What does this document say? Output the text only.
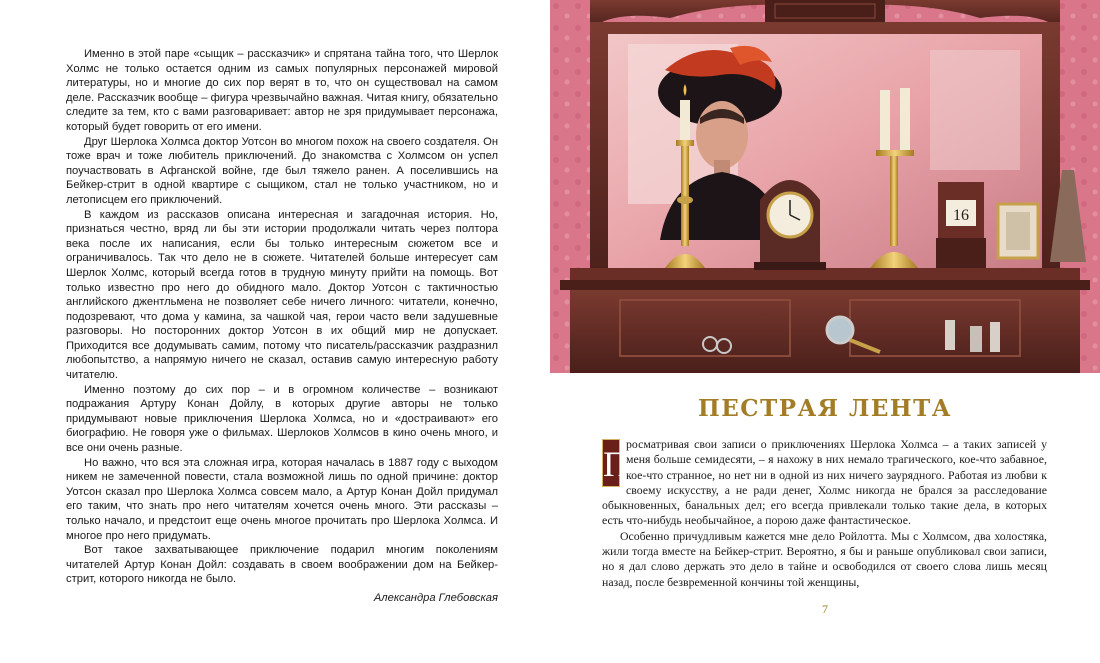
Именно в этой паре «сыщик – рассказчик» и спрятана тайна того, что Шерлок Холмс не только остается одним из самых популярных персонажей мировой литературы, но и многие до сих пор верят в то, что он существовал на самом деле. Рассказчик вообще – фигура чрезвычайно важная. Читая книгу, обязательно следите за тем, кто с вами разговаривает: автор не зря придумывает персонажа, который будет говорить от его имени.

Друг Шерлока Холмса доктор Уотсон во многом похож на своего создателя. Он тоже врач и тоже любитель приключений. До знакомства с Холмсом он успел поучаствовать в Афганской войне, где был тяжело ранен. А поселившись на Бейкер-стрит в одной квартире с сыщиком, стал не только участником, но и летописцем его приключений.

В каждом из рассказов описана интересная и загадочная история. Но, признаться честно, вряд ли бы эти истории продолжали читать через полтора века после их написания, если бы только интересным сюжетом все и ограничивалось. Так что дело не в сюжете. Читателей больше интересует сам Шерлок Холмс, который всегда готов в трудную минуту прийти на помощь. Вот только известно про него до обидного мало. Доктор Уотсон с тактичностью английского джентльмена не позволяет себе ничего личного: читатели, конечно, подозревают, что дома у камина, за чашкой чая, герои часто вели задушевные разговоры. Но посторонних доктор Уотсон в их общий мир не допускает. Приходится все додумывать самим, потому что писатель/рассказчик раздразнил любопытство, а напрямую ничего не сказал, оставив самую интересную работу читателю.

Именно поэтому до сих пор – и в огромном количестве – возникают подражания Артуру Конан Дойлу, в которых другие авторы не только придумывают новые приключения Шерлока Холмса, но и «достраивают» его биографию. Не говоря уже о фильмах. Шерлоков Холмсов в кино очень много, и все они очень разные.

Но важно, что вся эта сложная игра, которая началась в 1887 году с выходом никем не замеченной повести, стала возможной лишь по одной причине: доктор Уотсон сказал про Шерлока Холмса совсем мало, а Артур Конан Дойл придумал его таким, что знать про него читателям хочется очень много. Эти рассказы – только начало, и предстоит еще очень многое прочитать про Шерлока Холмса. И многое про него придумать.

Вот такое захватывающее приключение подарил многим поколениям читателей Артур Конан Дойл: создавать в своем воображении дом на Бейкер-стрит, которого никогда не было.

Александра Глебовская

16
ПЕСТРАЯ ЛЕНТА

П
росматривая свои записи о приключениях Шерлока Холмса – а таких записей у меня больше семидесяти, – я нахожу в них немало трагического, кое-что забавное, кое-что странное, но нет ни в одной из них ничего заурядного. Работая из любви к своему искусству, а не ради денег, Холмс никогда не брался за расследование обыкновенных, банальных дел; его всегда привлекали только такие дела, в которых есть что-нибудь необычайное, а порою даже фантастическое.

Особенно причудливым кажется мне дело Ройлотта. Мы с Холмсом, два холостяка, жили тогда вместе на Бейкер-стрит. Вероятно, я бы и раньше опубликовал свои записи, но я дал слово держать это дело в тайне и освободился от своего слова лишь месяц назад, после безвременной кончины той женщины,

7
